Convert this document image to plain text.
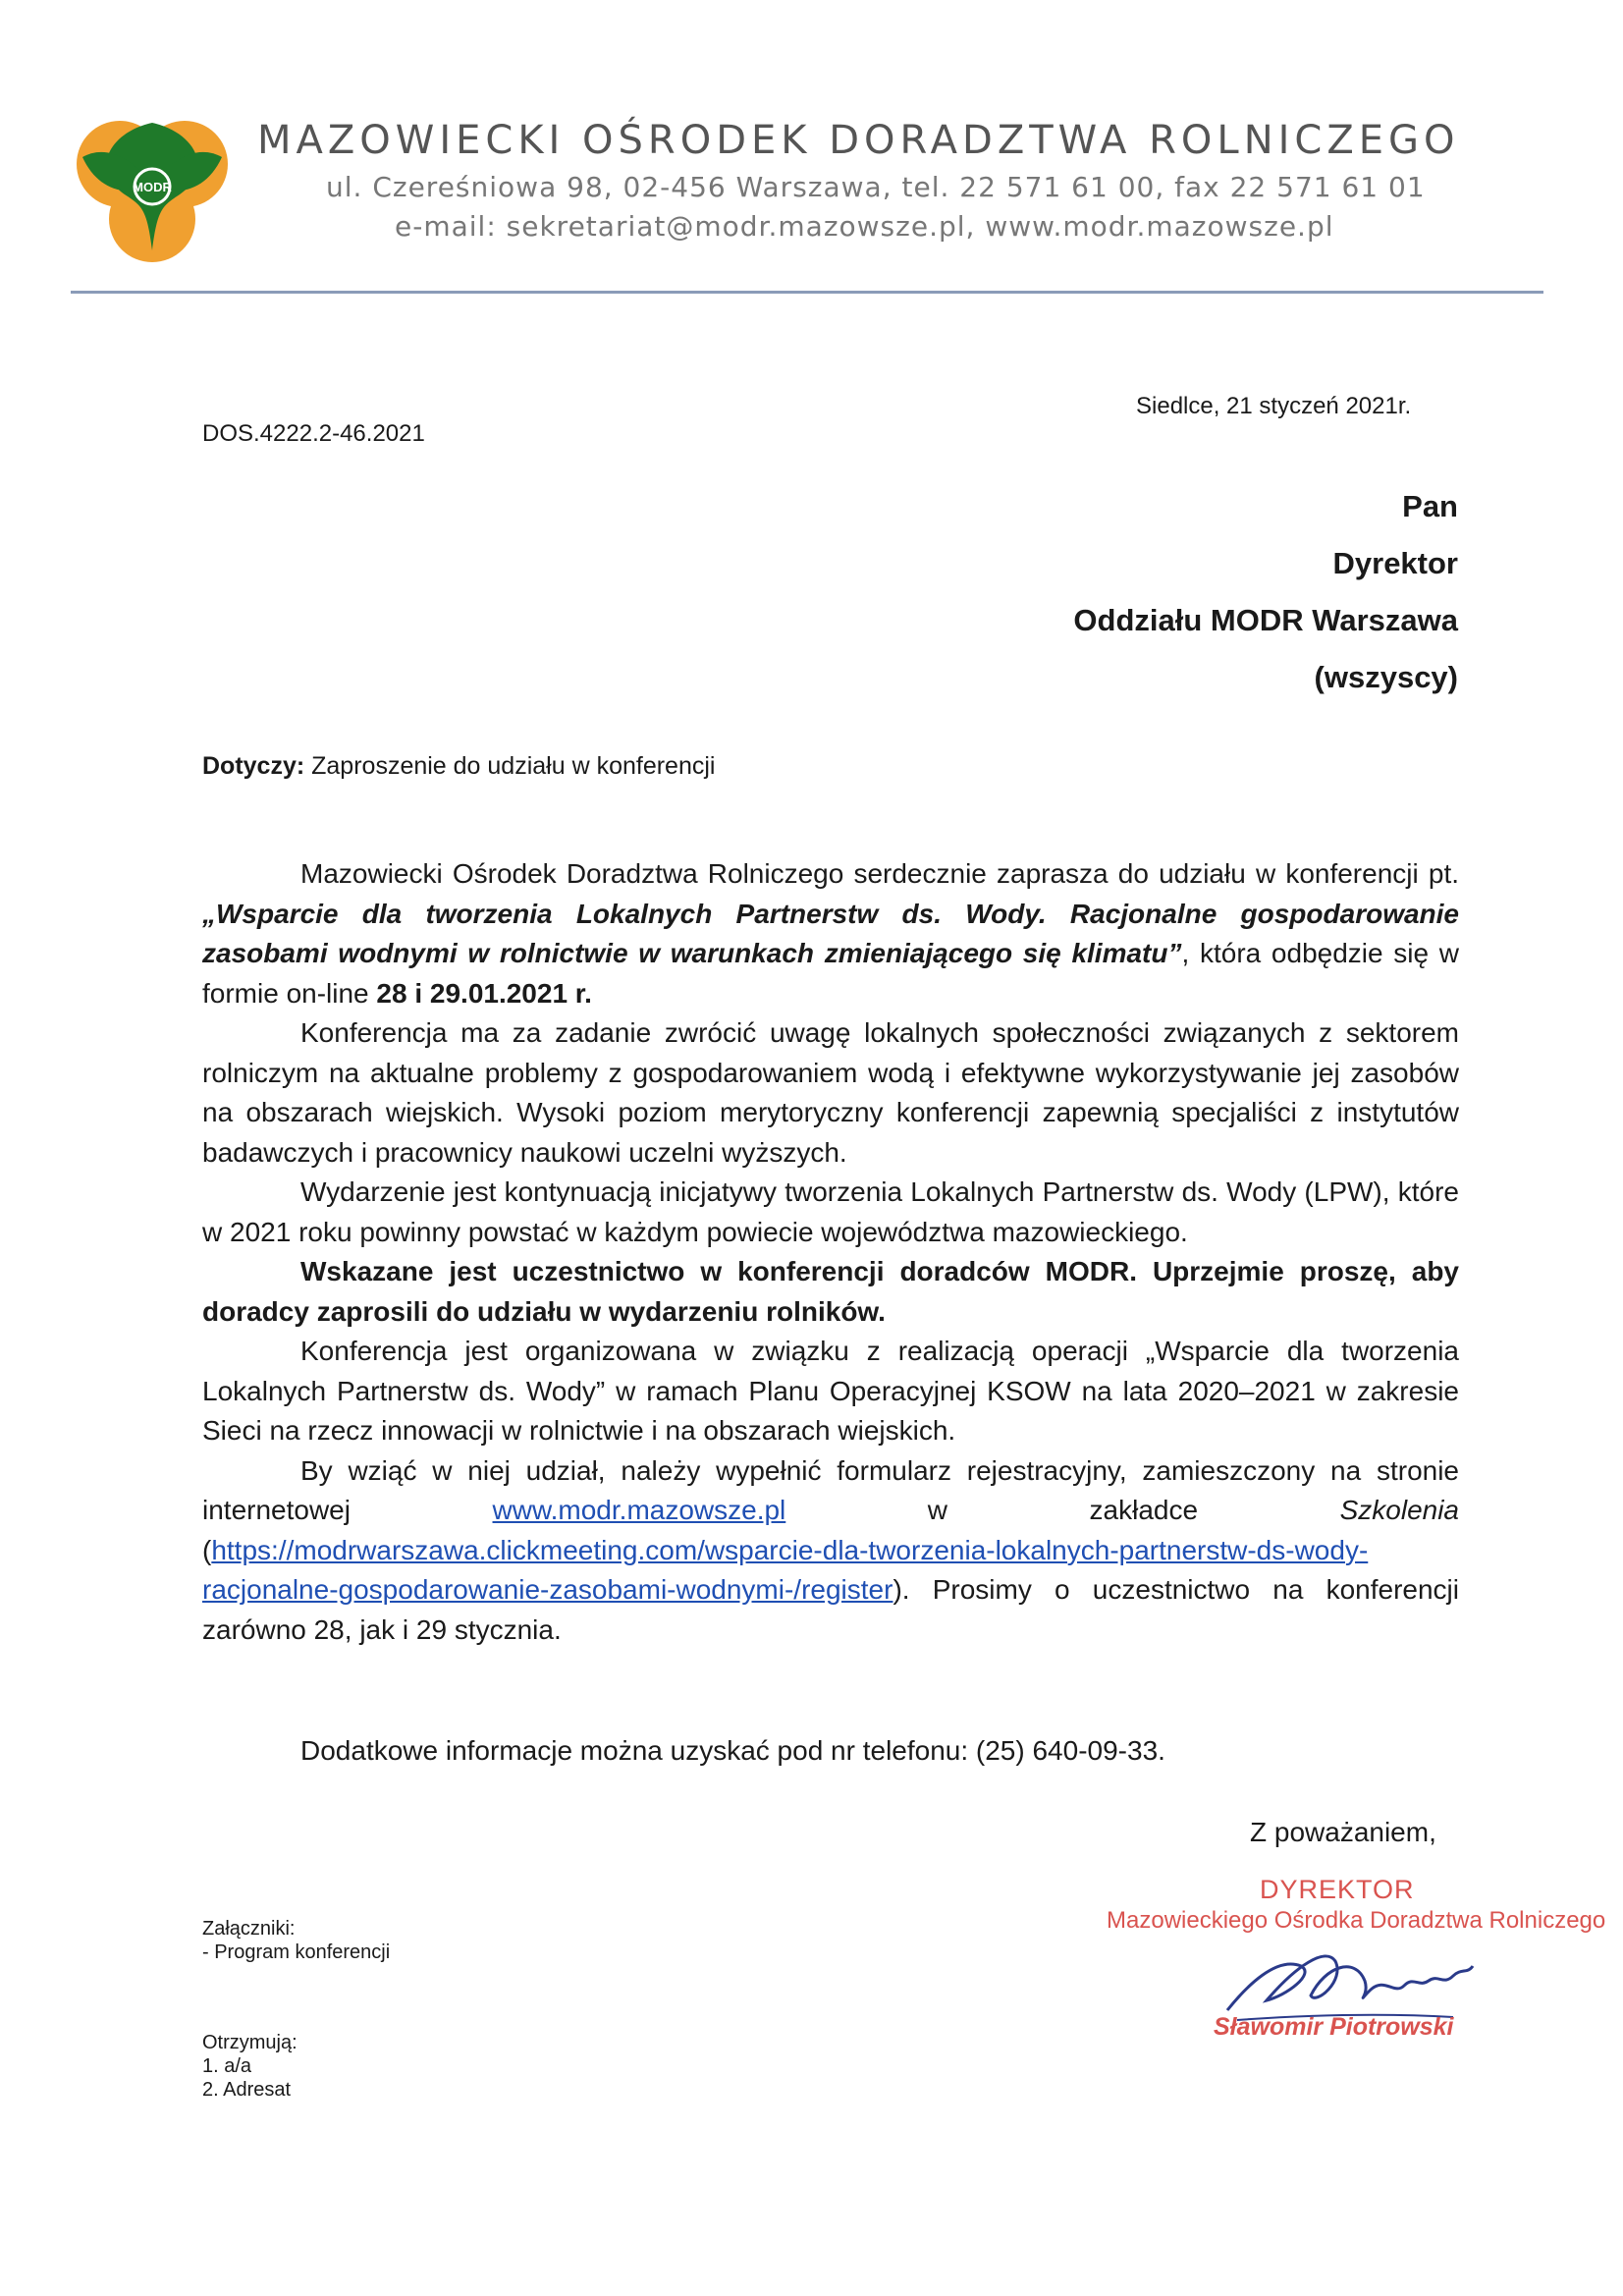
MODR
MAZOWIECKI OŚRODEK DORADZTWA ROLNICZEGO
ul. Czereśniowa 98, 02-456 Warszawa, tel. 22 571 61 00, fax 22 571 61 01
e-mail: sekretariat@modr.mazowsze.pl, www.modr.mazowsze.pl
DOS.4222.2-46.2021
Siedlce, 21 styczeń 2021r.
Pan
Dyrektor
Oddziału MODR Warszawa
(wszyscy)
Dotyczy: Zaproszenie do udziału w konferencji

Mazowiecki Ośrodek Doradztwa Rolniczego serdecznie zaprasza do udziału w konferencji pt. „Wsparcie dla tworzenia Lokalnych Partnerstw ds. Wody. Racjonalne gospodarowanie zasobami wodnymi w rolnictwie w warunkach zmieniającego się klimatu”, która odbędzie się w formie on-line 28 i 29.01.2021 r.

Konferencja ma za zadanie zwrócić uwagę lokalnych społeczności związanych z sektorem rolniczym na aktualne problemy z gospodarowaniem wodą i efektywne wykorzystywanie jej zasobów na obszarach wiejskich. Wysoki poziom merytoryczny konferencji zapewnią specjaliści z instytutów badawczych i pracownicy naukowi uczelni wyższych.

Wydarzenie jest kontynuacją inicjatywy tworzenia Lokalnych Partnerstw ds. Wody (LPW), które w 2021 roku powinny powstać w każdym powiecie województwa mazowieckiego.

Wskazane jest uczestnictwo w konferencji doradców MODR. Uprzejmie proszę, aby doradcy zaprosili do udziału w wydarzeniu rolników.

Konferencja jest organizowana w związku z realizacją operacji „Wsparcie dla tworzenia Lokalnych Partnerstw ds. Wody” w ramach Planu Operacyjnej KSOW na lata 2020–2021 w zakresie Sieci na rzecz innowacji w rolnictwie i na obszarach wiejskich.

By wziąć w niej udział, należy wypełnić formularz rejestracyjny, zamieszczony na stronie internetowej www.modr.mazowsze.pl w zakładce Szkolenia (https://modrwarszawa.clickmeeting.com/wsparcie-dla-tworzenia-lokalnych-partnerstw-ds-wody-racjonalne-gospodarowanie-zasobami-wodnymi-/register). Prosimy o uczestnictwo na konferencji zarówno 28, jak i 29 stycznia.

Dodatkowe informacje można uzyskać pod nr telefonu: (25) 640-09-33.
Z poważaniem,
DYREKTOR
Mazowieckiego Ośrodka Doradztwa Rolniczego
Sławomir Piotrowski
Załączniki:
- Program konferencji
Otrzymują:
1. a/a
2. Adresat
